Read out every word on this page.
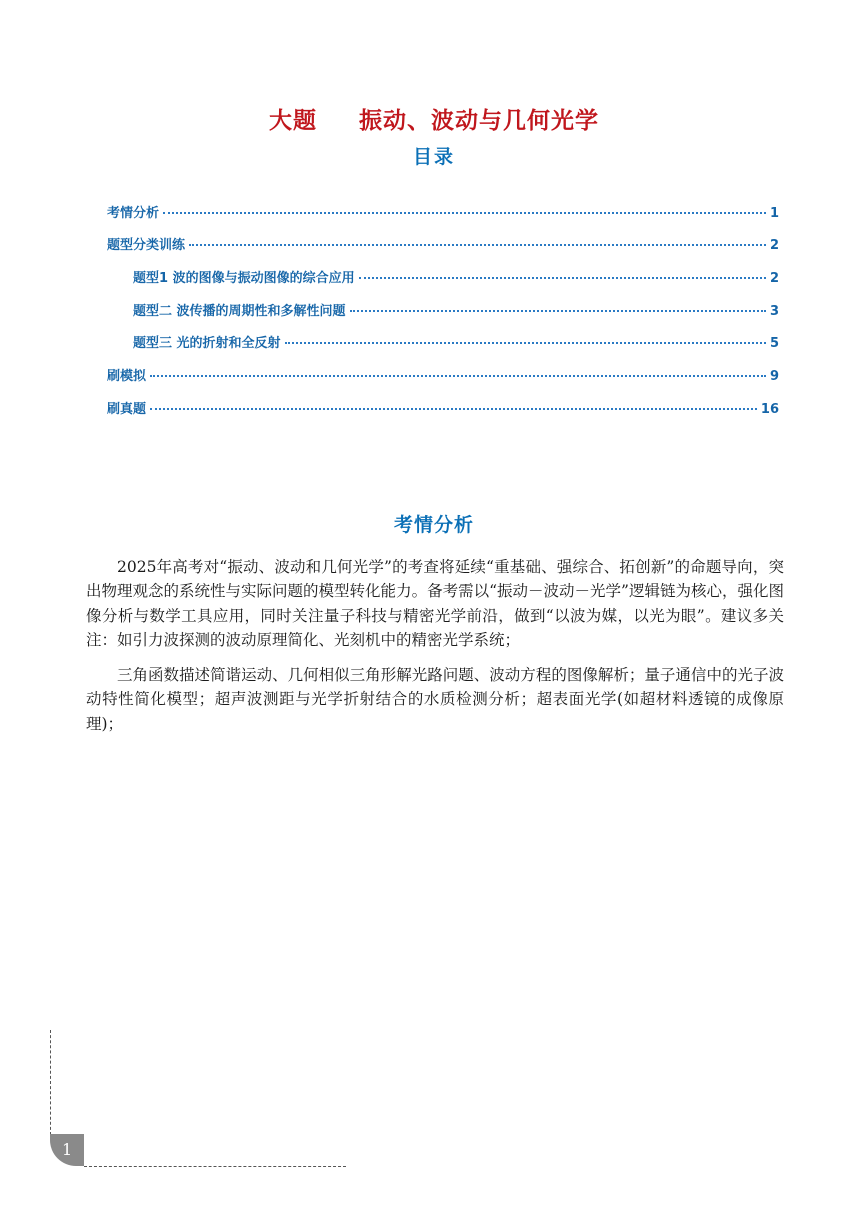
大题 振动、波动与几何光学
目录
考情分析	1
题型分类训练	2
题型1 波的图像与振动图像的综合应用	2
题型二 波传播的周期性和多解性问题	3
题型三 光的折射和全反射	5
刷模拟	9
刷真题	16
考情分析

2025年高考对“振动、波动和几何光学”的考查将延续“重基础、强综合、拓创新”的命题导向，突出物理观念的系统性与实际问题的模型转化能力。备考需以“振动－波动－光学”逻辑链为核心，强化图像分析与数学工具应用，同时关注量子科技与精密光学前沿，做到“以波为媒，以光为眼”。建议多关注：如引力波探测的波动原理简化、光刻机中的精密光学系统；

三角函数描述简谐运动、几何相似三角形解光路问题、波动方程的图像解析；量子通信中的光子波动特性简化模型；超声波测距与光学折射结合的水质检测分析；超表面光学(如超材料透镜的成像原理)；

1
